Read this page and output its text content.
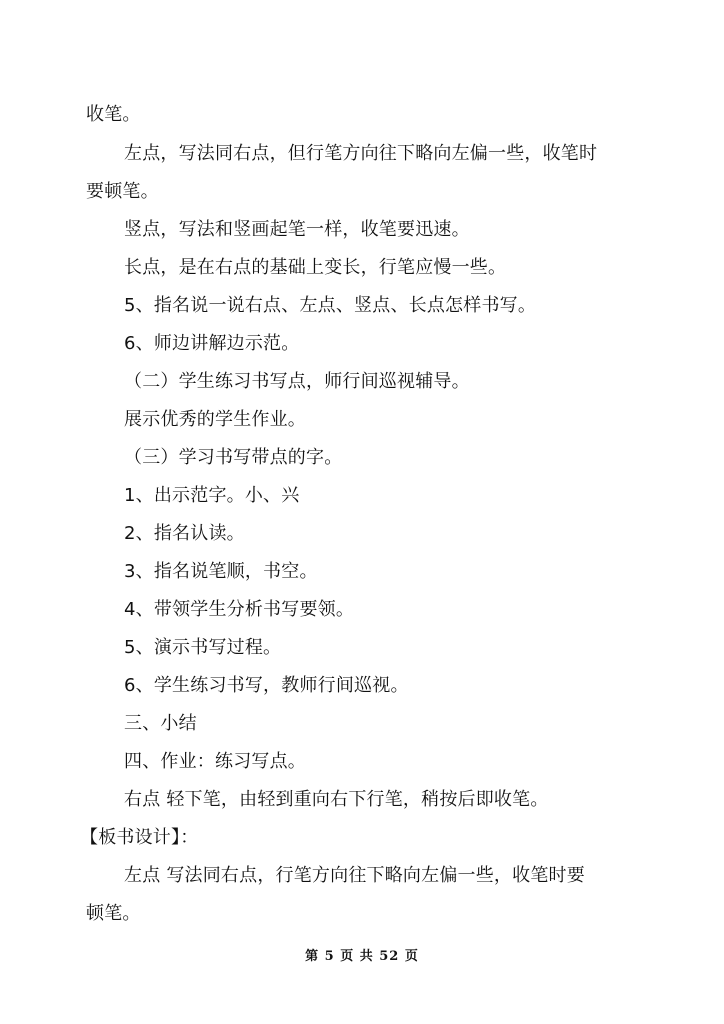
收笔。
左点，写法同右点，但行笔方向往下略向左偏一些，收笔时
要顿笔。
竖点，写法和竖画起笔一样，收笔要迅速。
长点，是在右点的基础上变长，行笔应慢一些。
5、指名说一说右点、左点、竖点、长点怎样书写。
6、师边讲解边示范。
（二）学生练习书写点，师行间巡视辅导。
展示优秀的学生作业。
（三）学习书写带点的字。
1、出示范字。小、兴
2、指名认读。
3、指名说笔顺，书空。
4、带领学生分析书写要领。
5、演示书写过程。
6、学生练习书写，教师行间巡视。
三、小结
四、作业：练习写点。
右点 轻下笔，由轻到重向右下行笔，稍按后即收笔。
【板书设计】：
左点 写法同右点，行笔方向往下略向左偏一些，收笔时要
顿笔。
第 5 页 共 52 页
